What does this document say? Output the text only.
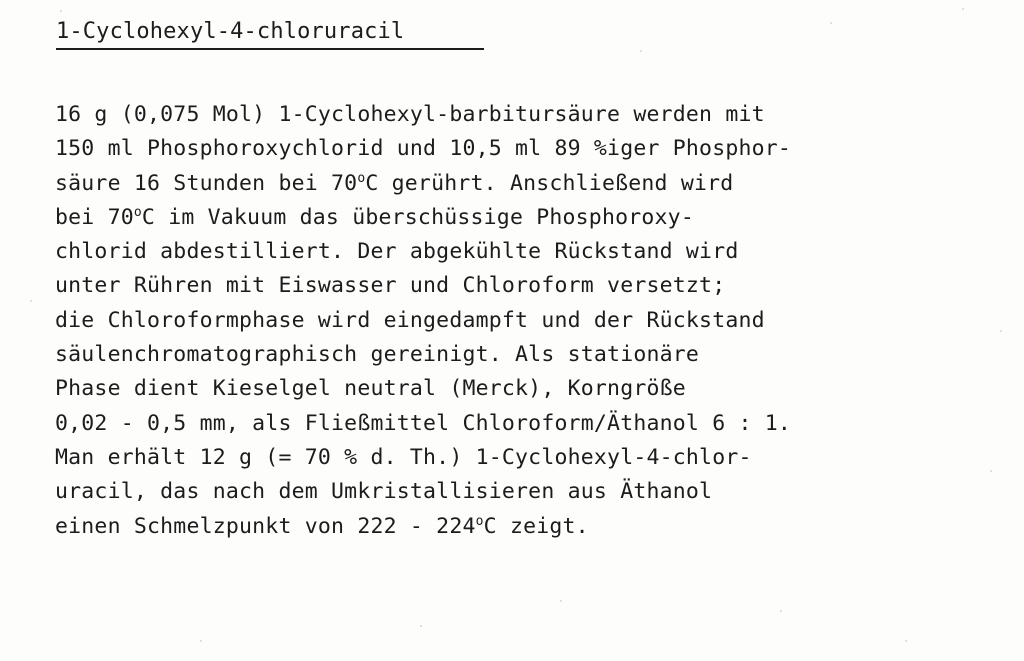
1-Cyclohexyl-4-chloruracil
16 g (0,075 Mol) 1-Cyclohexyl-barbitursäure werden mit
150 ml Phosphoroxychlorid und 10,5 ml 89 %iger Phosphor-
säure 16 Stunden bei 70$^o$C gerührt. Anschließend wird
bei 70$^o$C im Vakuum das überschüssige Phosphoroxy-
chlorid abdestilliert. Der abgekühlte Rückstand wird
unter Rühren mit Eiswasser und Chloroform versetzt;
die Chloroformphase wird eingedampft und der Rückstand
säulenchromatographisch gereinigt. Als stationäre
Phase dient Kieselgel neutral (Merck), Korngröße
0,02 - 0,5 mm, als Fließmittel Chloroform/Äthanol 6 : 1.
Man erhält 12 g (= 70 % d. Th.) 1-Cyclohexyl-4-chlor-
uracil, das nach dem Umkristallisieren aus Äthanol
einen Schmelzpunkt von 222 - 224$^o$C zeigt.
